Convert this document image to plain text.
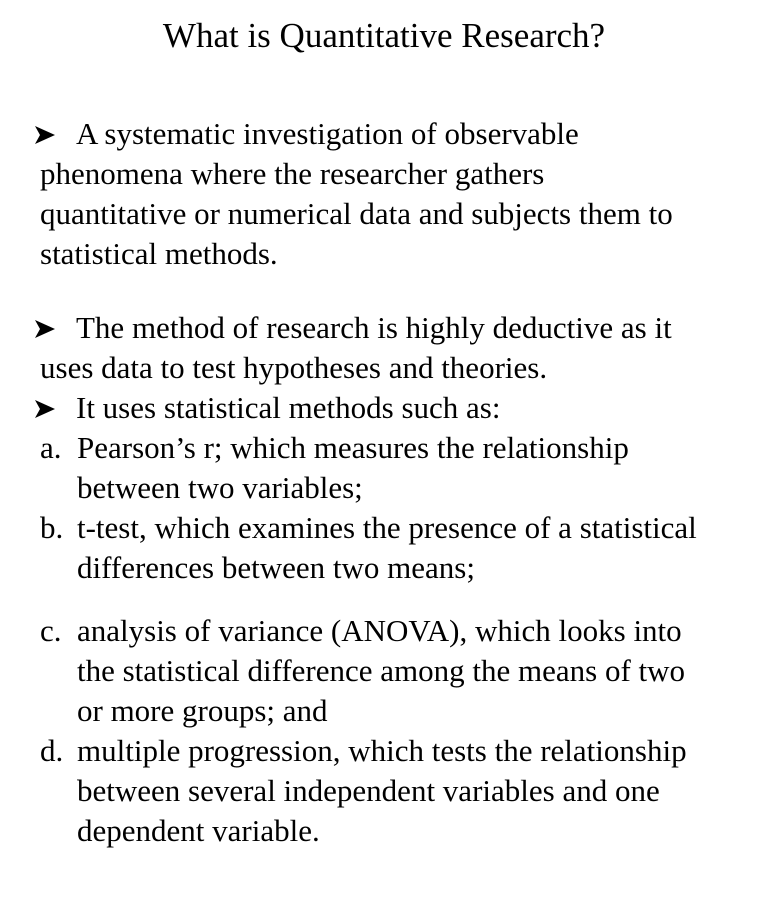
What is Quantitative Research?
A systematic investigation of observable
phenomena where the researcher gathers
quantitative or numerical data and subjects them to
statistical methods.
The method of research is highly deductive as it
uses data to test hypotheses and theories.
It uses statistical methods such as:
a. Pearson’s r; which measures the relationship
between two variables;
b. t-test, which examines the presence of a statistical
differences between two means;
c. analysis of variance (ANOVA), which looks into
the statistical difference among the means of two
or more groups; and
d. multiple progression, which tests the relationship
between several independent variables and one
dependent variable.
